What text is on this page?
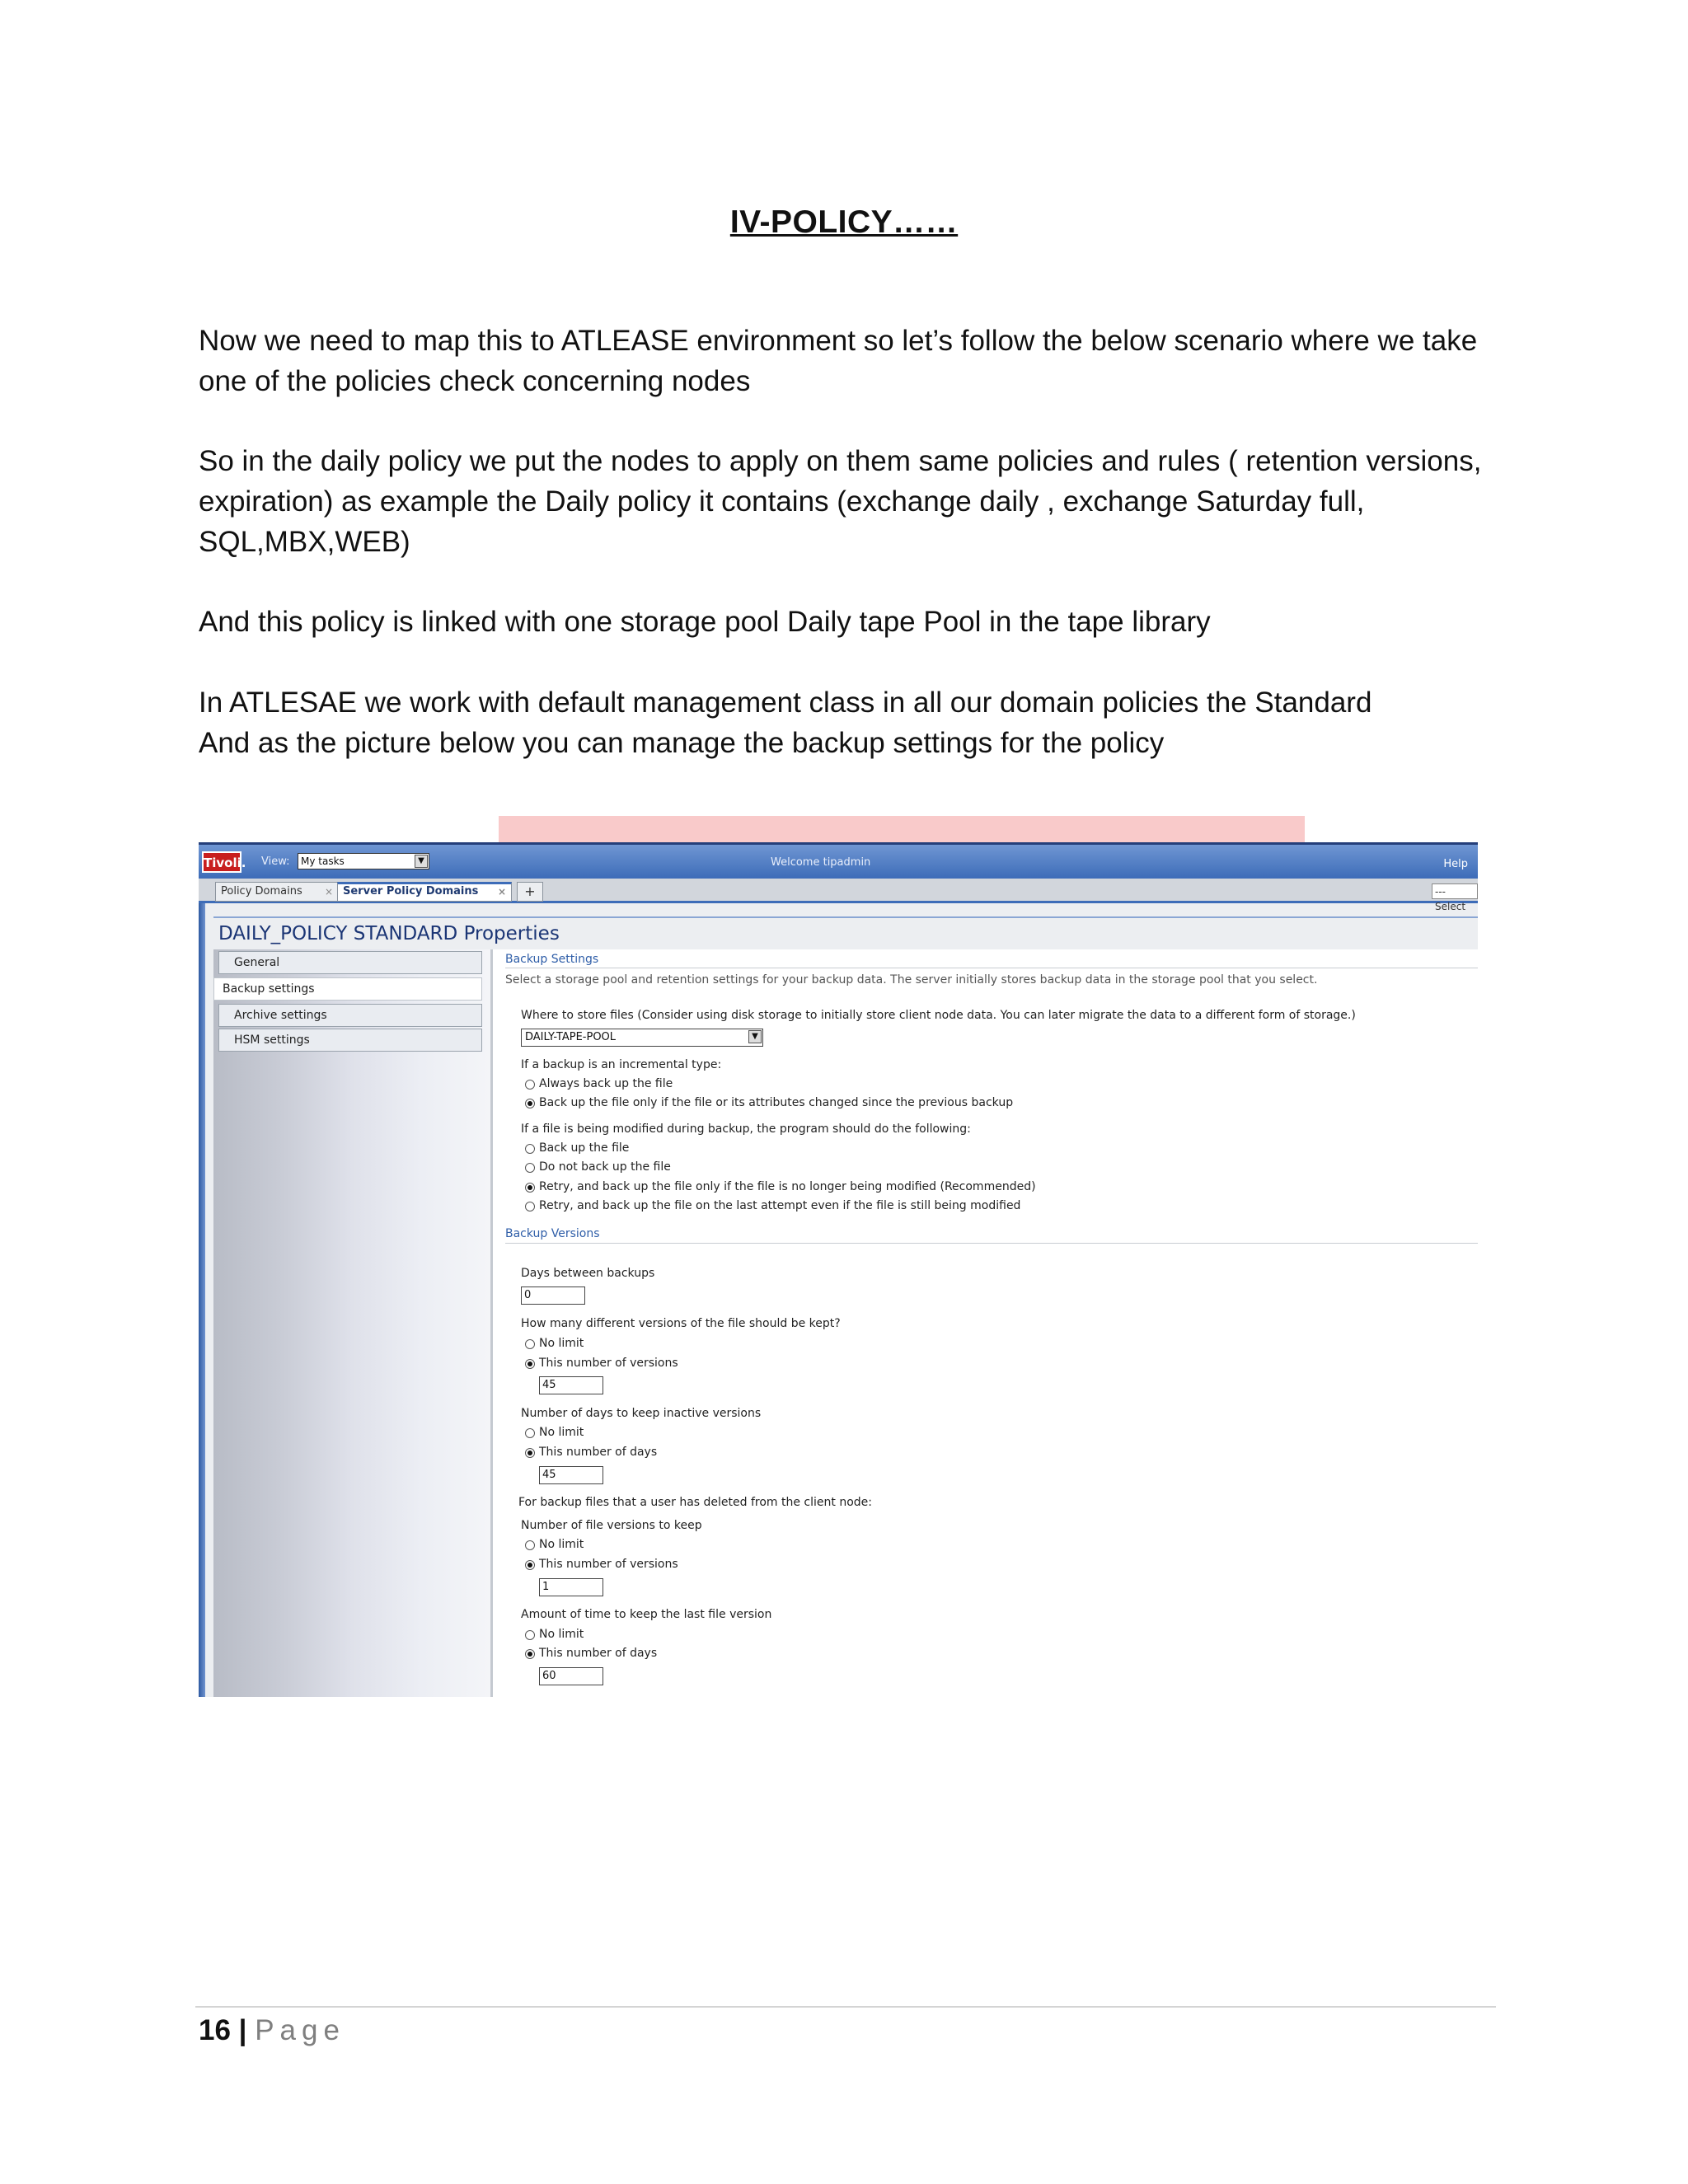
IV-POLICY……

Now we need to map this to ATLEASE environment so let’s follow the below scenario where we take one of the policies check concerning nodes

So in the daily policy we put the nodes to apply on them same policies and rules ( retention versions, expiration) as example the Daily policy it contains (exchange daily , exchange Saturday full, SQL,MBX,WEB)

And this policy is linked with one storage pool Daily tape Pool in the tape library

In ATLESAE we work with default management class in all our domain policies the Standard

And as the picture below you can manage the backup settings for the policy

Tivoli. View:	My tasks	▼	Welcome tipadmin	Help
Policy Domains × Server Policy Domains ×	+	--- Select
DAILY_POLICY STANDARD Properties
General
Backup settings
Archive settings
HSM settings
Backup Settings
Select a storage pool and retention settings for your backup data. The server initially stores backup data in the storage pool that you select.
Where to store files (Consider using disk storage to initially store client node data. You can later migrate the data to a different form of storage.)
DAILY-TAPE-POOL	▼
If a backup is an incremental type:
Always back up the file
Back up the file only if the file or its attributes changed since the previous backup
If a file is being modified during backup, the program should do the following:
Back up the file
Do not back up the file
Retry, and back up the file only if the file is no longer being modified (Recommended)
Retry, and back up the file on the last attempt even if the file is still being modified
Backup Versions
Days between backups
0
How many different versions of the file should be kept?
No limit
This number of versions
45
Number of days to keep inactive versions
No limit
This number of days
45
For backup files that a user has deleted from the client node:
Number of file versions to keep
No limit
This number of versions
1
Amount of time to keep the last file version
No limit
This number of days
60
16 | Page
